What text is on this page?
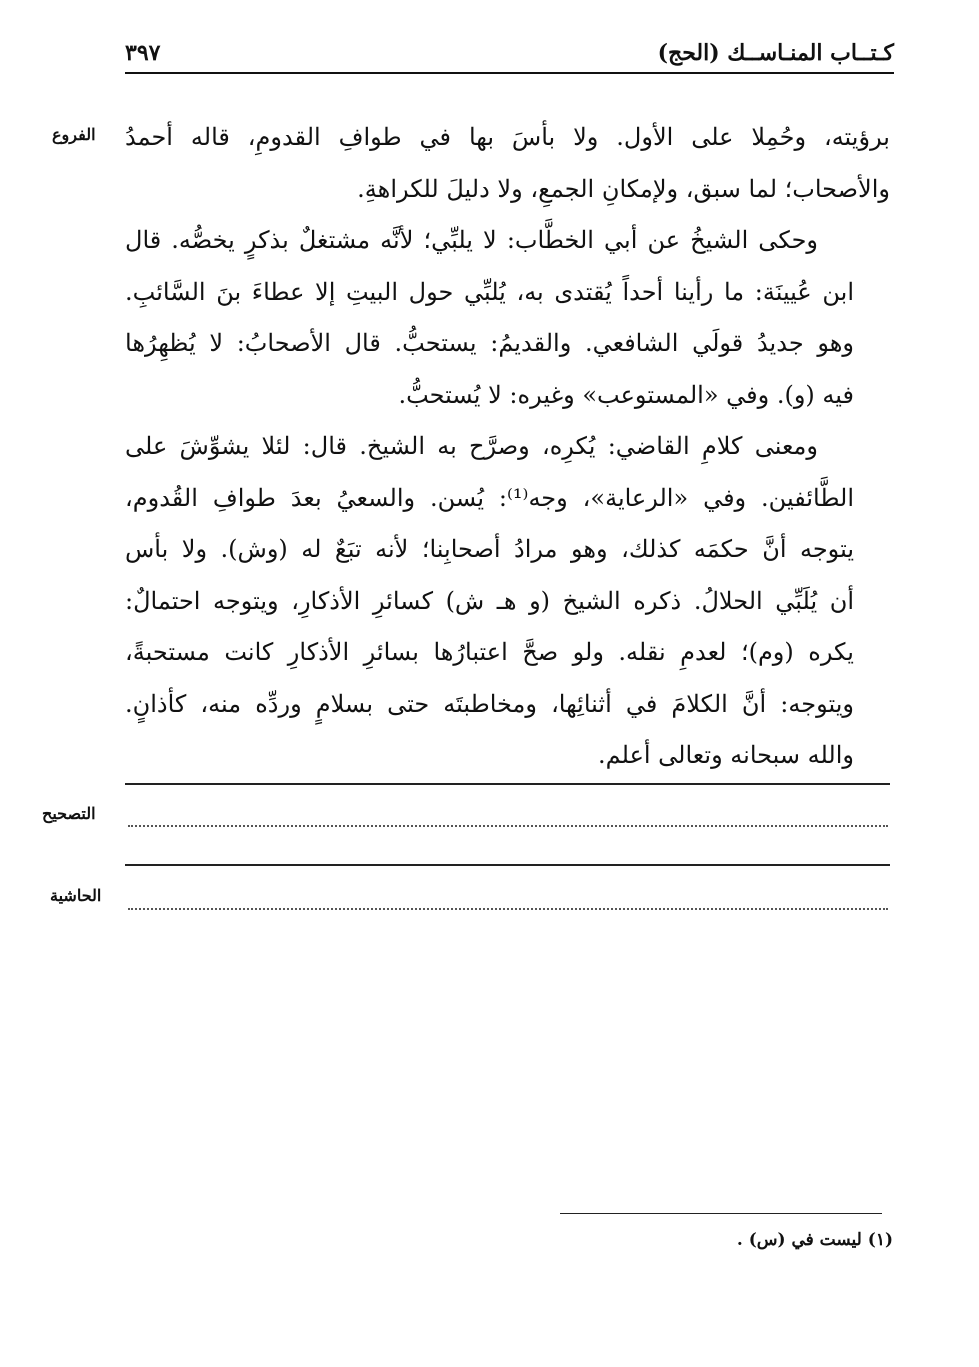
كـتــاب المنـاســك (الحج)
٣٩٧
الفروع برؤيته، وحُمِلا على الأول. ولا بأسَ بها في طوافِ القدومِ، قاله أحمدُ
والأصحاب؛ لما سبق، ولإمكانِ الجمعِ، ولا دليلَ للكراهةِ.
وحكى الشيخُ عن أبي الخطَّاب: لا يلبِّي؛ لأنَّه مشتغلٌ بذكرٍ يخصُّه. قال
ابن عُيينَة: ما رأينا أحداً يُقتدى به، يُلبِّي حول البيتِ إلا عطاءَ بنَ السَّائبِ.
وهو جديدُ قولَي الشافعي. والقديمُ: يستحبُّ. قال الأصحابُ: لا يُظهِرُها
فيه (و). وفي «المستوعب» وغيره: لا يُستحبُّ.
ومعنى كلامِ القاضي: يُكرِه، وصرَّح به الشيخ. قال: لئلا يشوِّشَ على
الطَّائفين. وفي «الرعاية»، وجه⁽¹⁾: يُسن. والسعيُ بعدَ طوافِ القُدوم،
يتوجه أنَّ حكمَه كذلك، وهو مرادُ أصحابِنا؛ لأنه تبَعٌ له (وش). ولا بأس
أن يُلَبِّي الحلالُ. ذكره الشيخ (و هـ ش) كسائرِ الأذكارِ، ويتوجه احتمالٌ:
يكره (وم)؛ لعدمِ نقله. ولو صحَّ اعتبارُها بسائرِ الأذكارِ كانت مستحبةً،
ويتوجه: أنَّ الكلامَ في أثنائِها، ومخاطبتَه حتى بسلامٍ وردِّه منه، كأذانٍ.
والله سبحانه وتعالى أعلم.
التصحيح
الحاشية
(١) ليست في (س) .
